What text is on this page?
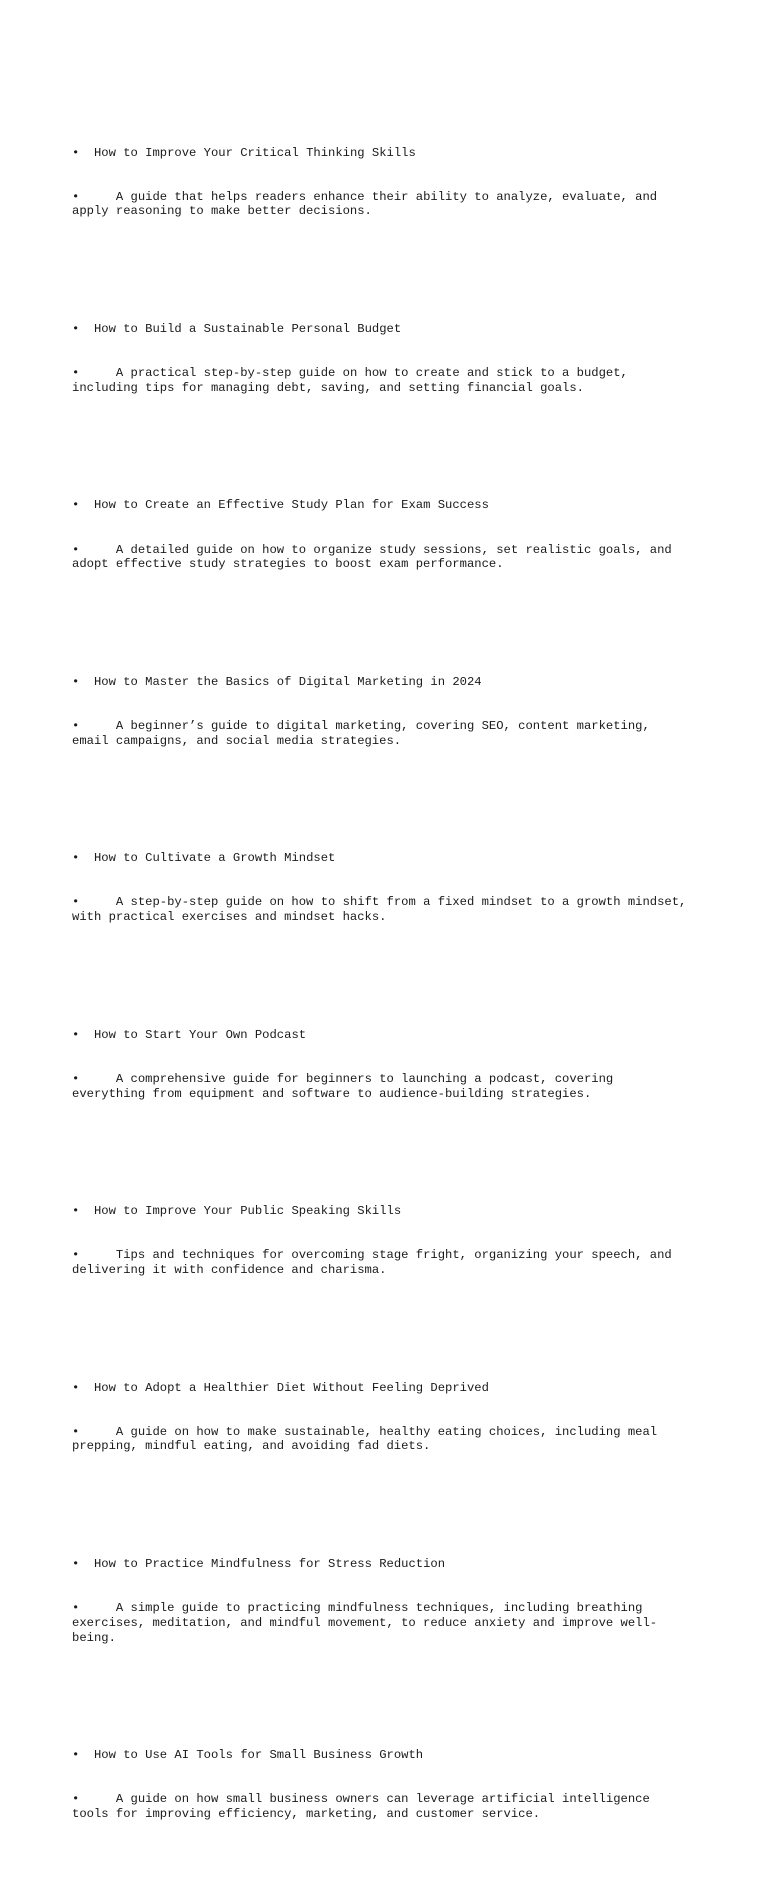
• How to Improve Your Critical Thinking Skills

•	A guide that helps readers enhance their ability to analyze, evaluate, and apply reasoning to make better decisions.

• How to Build a Sustainable Personal Budget

•	A practical step-by-step guide on how to create and stick to a budget, including tips for managing debt, saving, and setting financial goals.

• How to Create an Effective Study Plan for Exam Success

•	A detailed guide on how to organize study sessions, set realistic goals, and adopt effective study strategies to boost exam performance.

• How to Master the Basics of Digital Marketing in 2024

•	A beginner’s guide to digital marketing, covering SEO, content marketing, email campaigns, and social media strategies.

• How to Cultivate a Growth Mindset

•	A step-by-step guide on how to shift from a fixed mindset to a growth mindset, with practical exercises and mindset hacks.

• How to Start Your Own Podcast

•	A comprehensive guide for beginners to launching a podcast, covering everything from equipment and software to audience-building strategies.

• How to Improve Your Public Speaking Skills

•	Tips and techniques for overcoming stage fright, organizing your speech, and delivering it with confidence and charisma.

• How to Adopt a Healthier Diet Without Feeling Deprived

•	A guide on how to make sustainable, healthy eating choices, including meal prepping, mindful eating, and avoiding fad diets.

• How to Practice Mindfulness for Stress Reduction

•	A simple guide to practicing mindfulness techniques, including breathing exercises, meditation, and mindful movement, to reduce anxiety and improve well-being.

• How to Use AI Tools for Small Business Growth

•	A guide on how small business owners can leverage artificial intelligence tools for improving efficiency, marketing, and customer service.
